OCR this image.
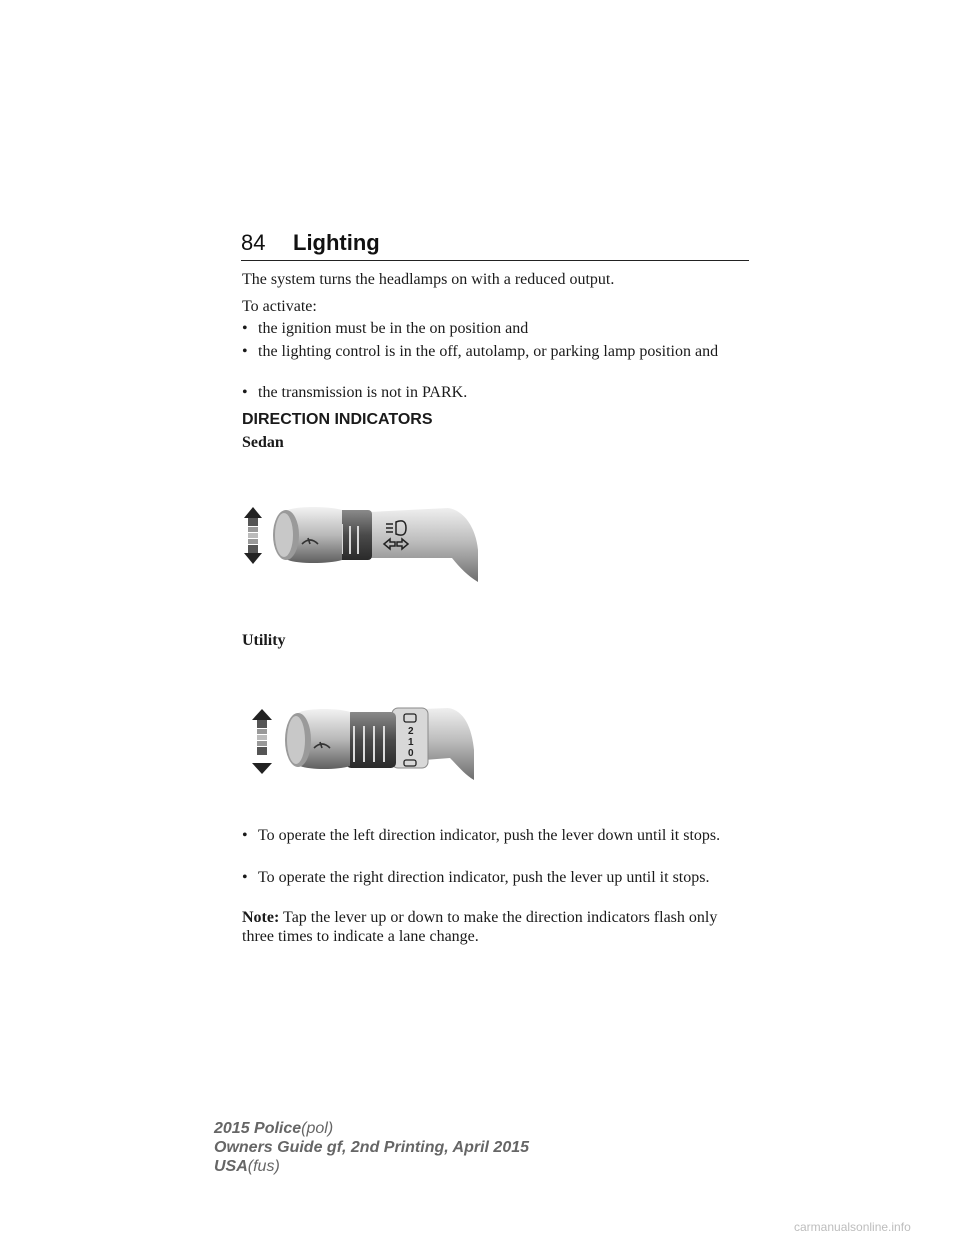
84 Lighting

The system turns the headlamps on with a reduced output.

To activate:

• the ignition must be in the on position and
• the lighting control is in the off, autolamp, or parking lamp position and
• the transmission is not in PARK.
DIRECTION INDICATORS
Sedan
Utility
2
1
0
• To operate the left direction indicator, push the lever down until it stops.
• To operate the right direction indicator, push the lever up until it stops.

Note: Tap the lever up or down to make the direction indicators flash only three times to indicate a lane change.

2015 Police(pol)
Owners Guide gf, 2nd Printing, April 2015
USA(fus)
carmanualsonline.info
